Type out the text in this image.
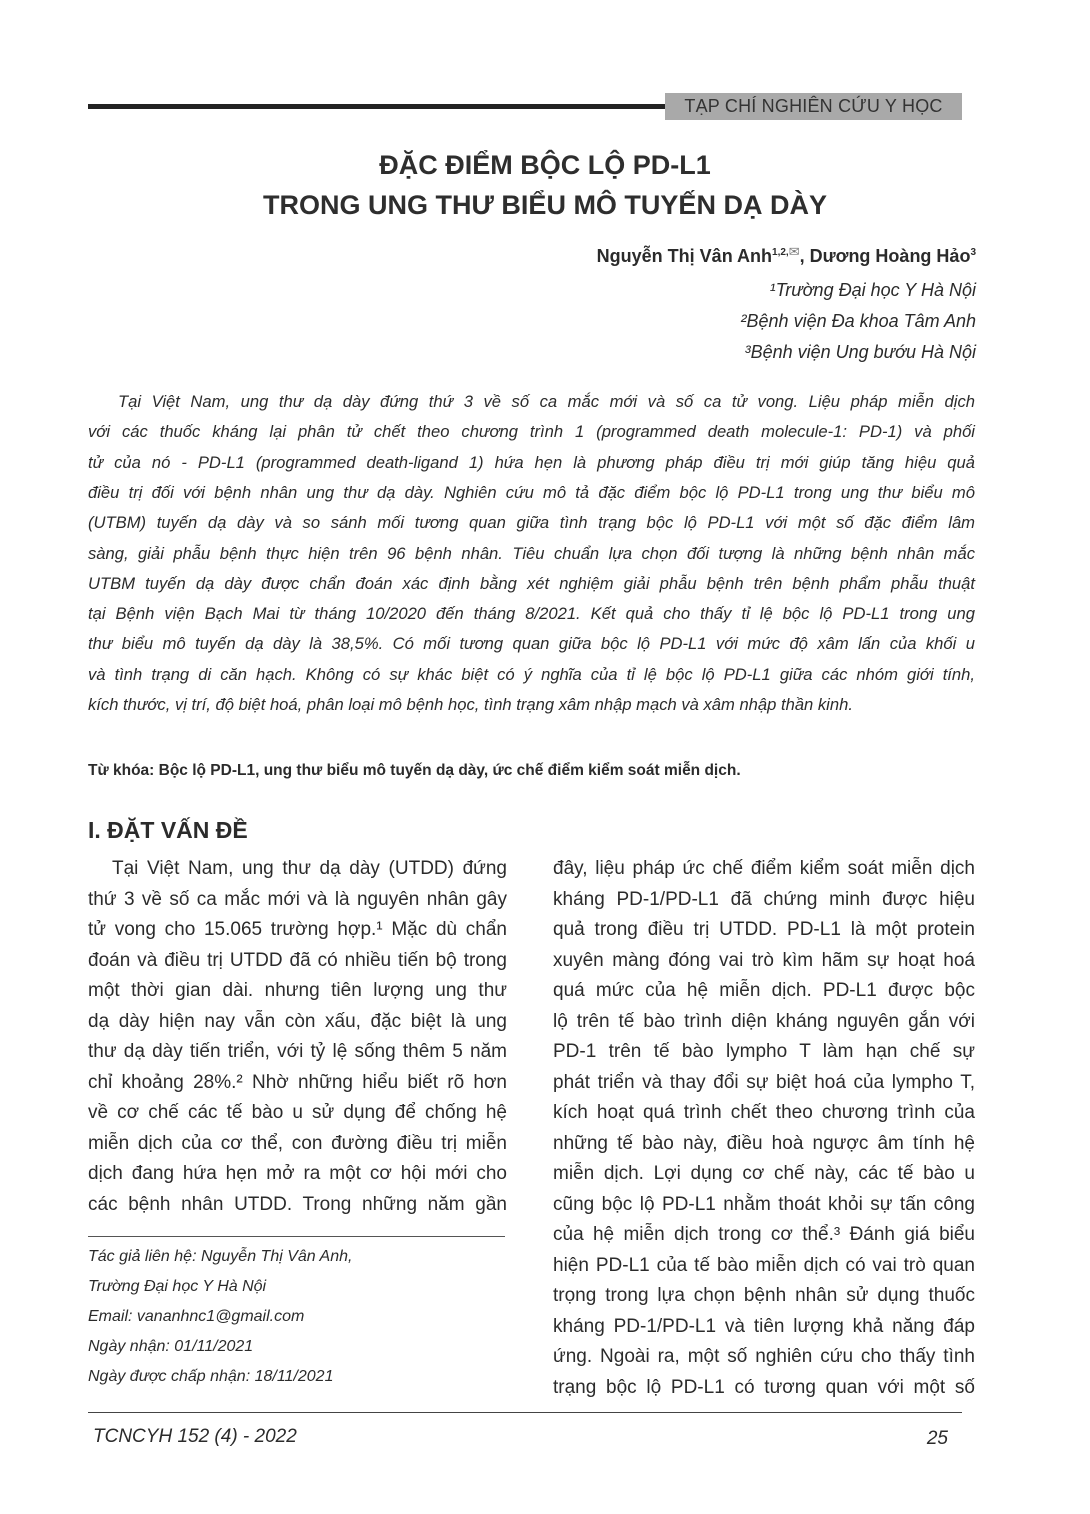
TẠP CHÍ NGHIÊN CỨU Y HỌC
ĐẶC ĐIỂM BỘC LỘ PD-L1
TRONG UNG THƯ BIỂU MÔ TUYẾN DẠ DÀY
Nguyễn Thị Vân Anh$^{1,2,✉}$, Dương Hoàng Hảo$^3$
¹Trường Đại học Y Hà Nội
²Bệnh viện Đa khoa Tâm Anh
³Bệnh viện Ung bướu Hà Nội
Tại Việt Nam, ung thư dạ dày đứng thứ 3 về số ca mắc mới và số ca tử vong. Liệu pháp miễn dịch
với các thuốc kháng lại phân tử chết theo chương trình 1 (programmed death molecule-1: PD-1) và phối
tử của nó - PD-L1 (programmed death-ligand 1) hứa hẹn là phương pháp điều trị mới giúp tăng hiệu quả
điều trị đối với bệnh nhân ung thư dạ dày. Nghiên cứu mô tả đặc điểm bộc lộ PD-L1 trong ung thư biểu mô
(UTBM) tuyến dạ dày và so sánh mối tương quan giữa tình trạng bộc lộ PD-L1 với một số đặc điểm lâm
sàng, giải phẫu bệnh thực hiện trên 96 bệnh nhân. Tiêu chuẩn lựa chọn đối tượng là những bệnh nhân mắc
UTBM tuyến dạ dày được chẩn đoán xác định bằng xét nghiệm giải phẫu bệnh trên bệnh phẩm phẫu thuật
tại Bệnh viện Bạch Mai từ tháng 10/2020 đến tháng 8/2021. Kết quả cho thấy tỉ lệ bộc lộ PD-L1 trong ung
thư biểu mô tuyến dạ dày là 38,5%. Có mối tương quan giữa bộc lộ PD-L1 với mức độ xâm lấn của khối u
và tình trạng di căn hạch. Không có sự khác biệt có ý nghĩa của tỉ lệ bộc lộ PD-L1 giữa các nhóm giới tính,
kích thước, vị trí, độ biệt hoá, phân loại mô bệnh học, tình trạng xâm nhập mạch và xâm nhập thần kinh.
Từ khóa: Bộc lộ PD-L1, ung thư biểu mô tuyến dạ dày, ức chế điểm kiểm soát miễn dịch.
I. ĐẶT VẤN ĐỀ
Tại Việt Nam, ung thư dạ dày (UTDD) đứng
thứ 3 về số ca mắc mới và là nguyên nhân gây
tử vong cho 15.065 trường hợp.¹ Mặc dù chẩn
đoán và điều trị UTDD đã có nhiều tiến bộ trong
một thời gian dài. nhưng tiên lượng ung thư
dạ dày hiện nay vẫn còn xấu, đặc biệt là ung
thư dạ dày tiến triển, với tỷ lệ sống thêm 5 năm
chỉ khoảng 28%.² Nhờ những hiểu biết rõ hơn
về cơ chế các tế bào u sử dụng để chống hệ
miễn dịch của cơ thể, con đường điều trị miễn
dịch đang hứa hẹn mở ra một cơ hội mới cho
các bệnh nhân UTDD. Trong những năm gần
đây, liệu pháp ức chế điểm kiểm soát miễn dịch
kháng PD-1/PD-L1 đã chứng minh được hiệu
quả trong điều trị UTDD. PD-L1 là một protein
xuyên màng đóng vai trò kìm hãm sự hoạt hoá
quá mức của hệ miễn dịch. PD-L1 được bộc
lộ trên tế bào trình diện kháng nguyên gắn với
PD-1 trên tế bào lympho T làm hạn chế sự
phát triển và thay đổi sự biệt hoá của lympho T,
kích hoạt quá trình chết theo chương trình của
những tế bào này, điều hoà ngược âm tính hệ
miễn dịch. Lợi dụng cơ chế này, các tế bào u
cũng bộc lộ PD-L1 nhằm thoát khỏi sự tấn công
của hệ miễn dịch trong cơ thể.³ Đánh giá biểu
hiện PD-L1 của tế bào miễn dịch có vai trò quan
trọng trong lựa chọn bệnh nhân sử dụng thuốc
kháng PD-1/PD-L1 và tiên lượng khả năng đáp
ứng. Ngoài ra, một số nghiên cứu cho thấy tình
trạng bộc lộ PD-L1 có tương quan với một số
Tác giả liên hệ: Nguyễn Thị Vân Anh,
Trường Đại học Y Hà Nội
Email: vananhnc1@gmail.com
Ngày nhận: 01/11/2021
Ngày được chấp nhận: 18/11/2021
TCNCYH 152 (4) - 2022	25
